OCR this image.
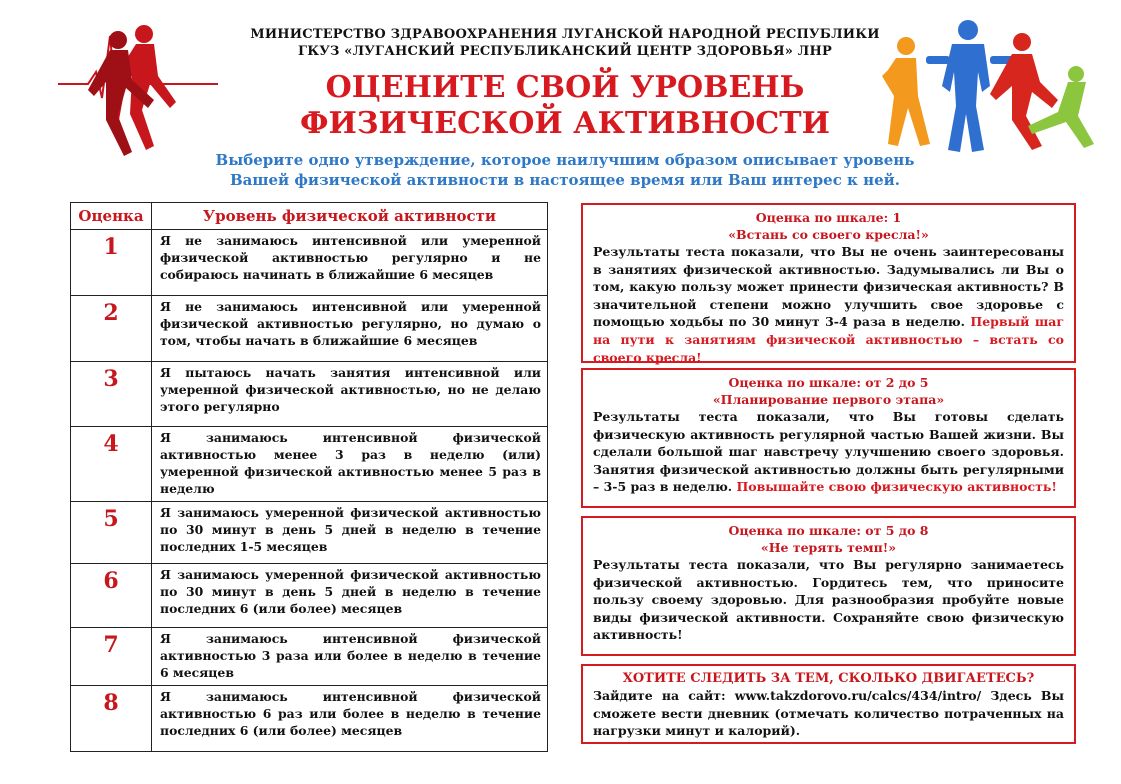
МИНИСТЕРСТВО ЗДРАВООХРАНЕНИЯ ЛУГАНСКОЙ НАРОДНОЙ РЕСПУБЛИКИ
ГКУЗ «ЛУГАНСКИЙ РЕСПУБЛИКАНСКИЙ ЦЕНТР ЗДОРОВЬЯ» ЛНР
ОЦЕНИТЕ СВОЙ УРОВЕНЬ
ФИЗИЧЕСКОЙ АКТИВНОСТИ
Выберите одно утверждение, которое наилучшим образом описывает уровень
Вашей физической активности в настоящее время или Ваш интерес к ней.
Оценка	Уровень физической активности
1	Я не занимаюсь интенсивной или умеренной физической активностью регулярно и не собираюсь начинать в ближайшие 6 месяцев
2	Я не занимаюсь интенсивной или умеренной физической активностью регулярно, но думаю о том, чтобы начать в ближайшие 6 месяцев
3	Я пытаюсь начать занятия интенсивной или умеренной физической активностью, но не делаю этого регулярно
4	Я занимаюсь интенсивной физической активностью менее 3 раз в неделю (или) умеренной физической активностью менее 5 раз в неделю
5	Я занимаюсь умеренной физической активностью по 30 минут в день 5 дней в неделю в течение последних 1-5 месяцев
6	Я занимаюсь умеренной физической активностью по 30 минут в день 5 дней в неделю в течение последних 6 (или более) месяцев
7	Я занимаюсь интенсивной физической активностью 3 раза или более в неделю в течение 6 месяцев
8	Я занимаюсь интенсивной физической активностью 6 раз или более в неделю в течение последних 6 (или более) месяцев
Оценка по шкале: 1
«Встань со своего кресла!»
Результаты теста показали, что Вы не очень заинтересованы в занятиях физической активностью. Задумывались ли Вы о том, какую пользу может принести физическая активность? В значительной степени можно улучшить свое здоровье с помощью ходьбы по 30 минут 3-4 раза в неделю. Первый шаг на пути к занятиям физической активностью – встать со своего кресла!
Оценка по шкале: от 2 до 5
«Планирование первого этапа»
Результаты теста показали, что Вы готовы сделать физическую активность регулярной частью Вашей жизни. Вы сделали большой шаг навстречу улучшению своего здоровья. Занятия физической активностью должны быть регулярными – 3-5 раз в неделю. Повышайте свою физическую активность!
Оценка по шкале: от 5 до 8
«Не терять темп!»
Результаты теста показали, что Вы регулярно занимаетесь физической активностью. Гордитесь тем, что приносите пользу своему здоровью. Для разнообразия пробуйте новые виды физической активности. Сохраняйте свою физическую активность!
ХОТИТЕ СЛЕДИТЬ ЗА ТЕМ, СКОЛЬКО ДВИГАЕТЕСЬ?
Зайдите на сайт: www.takzdorovo.ru/calcs/434/intro/ Здесь Вы сможете вести дневник (отмечать количество потраченных на нагрузки минут и калорий).
